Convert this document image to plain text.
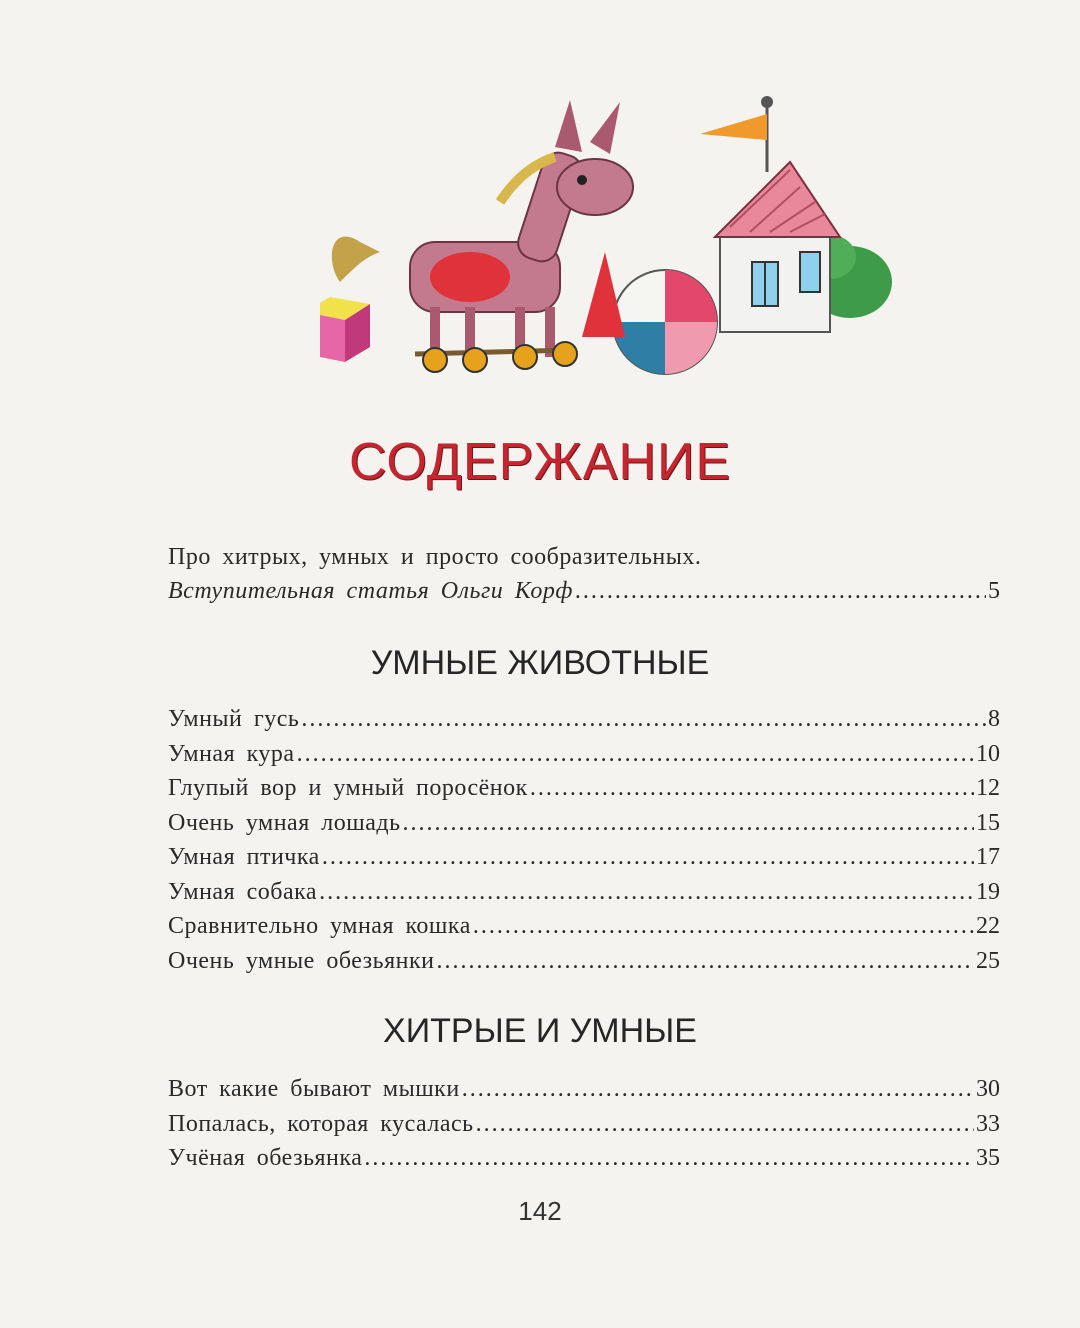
СОДЕРЖАНИЕ
Про хитрых, умных и просто сообразительных.
Вступительная статья Ольги Корф .....	5
УМНЫЕ ЖИВОТНЫЕ
Умный гусь .....	8
Умная кура .....	10
Глупый вор и умный поросёнок .....	12
Очень умная лошадь .....	15
Умная птичка .....	17
Умная собака .....	19
Сравнительно умная кошка .....	22
Очень умные обезьянки .....	25
ХИТРЫЕ И УМНЫЕ
Вот какие бывают мышки .....	30
Попалась, которая кусалась .....	33
Учёная обезьянка .....	35
142
